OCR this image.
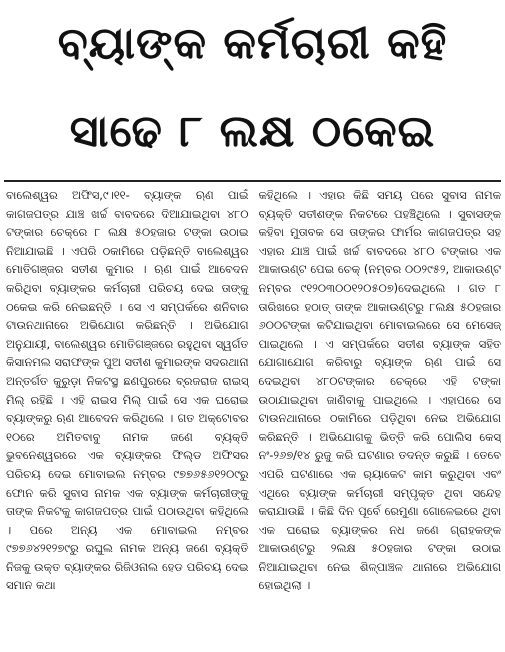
ବ୍ୟାଙ୍କ କର୍ମଚାରୀ କହି
ସାଢେ ୮ ଲକ୍ଷ ଠକେଇ

ବାଲେଶ୍ୱର ଅଫିସ,୯।୧୧- ବ୍ୟାଙ୍କ ଋଣ ପାଇଁ କାଗଜପତ୍ର ଯାଞ୍ଚ ଖର୍ଚ୍ଚ ବାବଦରେ ଦିଆଯାଇଥିବା ୪୮୦ ଟଙ୍କାର ଚେକ୍‌ରେ ୮ ଲକ୍ଷ ୫୦ହଜାର ଟଙ୍କା ଉଠାଇ ନିଆଯାଇଛି । ଏପରି ଠକାମିରେ ପଡ଼ିଛନ୍ତି ବାଲେଶ୍ୱର ମୋତିଗଞ୍ଜର ସତୀଶ କୁମାର । ଋଣ ପାଇଁ ଆବେଦନ କରିଥିବା ବ୍ୟାଙ୍କର କର୍ମଚାରୀ ପରିଚୟ ଦେଇ ତାଙ୍କୁ ଠକେଇ କରି ନେଇଛନ୍ତି । ସେ ଏ ସମ୍ପର୍କରେ ଶନିବାର ଟାଉନଥାନାରେ ଅଭିଯୋଗ କରିଛନ୍ତି । ଅଭିଯୋଗ ଅନୁଯାୟୀ, ବାଲେଶ୍ୱର ମୋତିଗଞ୍ଜରେ ରହୁଥିବା ସ୍ୱର୍ଗତ କିସାନମଲ ସରାଫଙ୍କ ପୁଅ ସତୀଶ କୁମାରଙ୍କ ସଦରଥାନା ଅନ୍ତର୍ଗତ କୁରୁଡ଼ା ନିକଟସ୍ଥ ଛଣପୁରରେ ବ୍ରଜରାଜ ରାଇସ୍ ମିଲ୍ ରହିଛି । ଏହି ରାଇସ ମିଲ୍ ପାଇଁ ସେ ଏକ ଘରୋଇ ବ୍ୟାଙ୍କରୁ ଋଣ ଆବେଦନ କରିଥିଲେ । ଗତ ଅକ୍ଟୋବର ୧୦ରେ ଅମିତବାବୁ ନାମକ ଜଣେ ବ୍ୟକ୍ତି ଭୁବନେଶ୍ୱରରେ ଏକ ବ୍ୟାଙ୍କର ଫିଲ୍ଡ ଅଫିସର ପରିଚୟ ଦେଇ ମୋବାଇଲ ନମ୍ବର ୯୭୭୬୫୬୧୨୦୯ରୁ ଫୋନ କରି ସୁବାସ ନାମକ ଏକ ବ୍ୟାଙ୍କ କର୍ମଚାରୀଙ୍କୁ ତାଙ୍କ ନିକଟକୁ କାଗଜପତ୍ର ପାଇଁ ପଠାଉଥିବା କହିଥିଲେ । ପରେ ଅନ୍ୟ ଏକ ମୋବାଇଲ ନମ୍ବର ୯୭୭୬୪୨୧୨୭୯ରୁ ରଘୁଲ ନାମକ ଅନ୍ୟ ଜଣେ ବ୍ୟକ୍ତି ନିଜକୁ ଉକ୍ତ ବ୍ୟାଙ୍କର ରିଜିଓନାଲ ହେଡ ପରିଚୟ ଦେଇ ସମାନ କଥା

କହିଥିଲେ । ଏହାର କିଛି ସମୟ ପରେ ସୁବାସ ନାମକ ବ୍ୟକ୍ତି ସତୀଶଙ୍କ ନିକଟରେ ପହଞ୍ଚିଥିଲେ । ସୁବାସଙ୍କ କହିବା ମୁତାବକ ସେ ତାଙ୍କର ଫାର୍ମର କାଗଜପତ୍ର ସହ ଏହାର ଯାଞ୍ଚ ପାଇଁ ଖର୍ଚ୍ଚ ବାବଦରେ ୪୮୦ ଟଙ୍କାର ଏକ ଆକାଉଣ୍ଟ ପେଇ ଚେକ୍ (ନମ୍ବର ୦୦୨୯୫୨, ଆକାଉଣ୍ଟ ନମ୍ବର ୯୧୨୦୩୦୦୧୨୦୫୦୭)ଦେଇଥିଲେ । ଗତ ୮ ତାରିଖରେ ହଠାତ୍ ତାଙ୍କ ଆକାଉଣ୍ଟରୁ ୮ଲକ୍ଷ ୫୦ହଜାର ୬୦୦ଟଙ୍କା କଟିଯାଇଥିବା ମୋବାଇଲରେ ସେ ମେସେଜ୍ ପାଇଥିଲେ । ଏ ସମ୍ପର୍କରେ ସତୀଶ ବ୍ୟାଙ୍କ ସହିତ ଯୋଗାଯୋଗ କରିବାରୁ ବ୍ୟାଙ୍କ ଋଣ ପାଇଁ ସେ ଦେଇଥିବା ୪୮୦ଟଙ୍କାର ଚେକ୍‌ରେ ଏହି ଟଙ୍କା ଉଠାଯାଇଥିବା ଜାଣିବାକୁ ପାଇଥିଲେ । ଏହାପରେ ସେ ଟାଉନଥାନାରେ ଠକାମିରେ ପଡ଼ିଥିବା ନେଇ ଅଭିଯୋଗ କରିଛନ୍ତି । ଅଭିଯୋଗକୁ ଭିତ୍ତି କରି ପୋଲିସ କେସ୍ ନଂ-୨୬୭/୧୪ ରୁଜୁ କରି ଘଟଣାର ତଦନ୍ତ କରୁଛି । ତେବେ ଏପରି ଘଟଣାରେ ଏକ ର୍‌ୟାକେଟ କାମ କରୁଥିବା ଏବଂ ଏଥିରେ ବ୍ୟାଙ୍କ କର୍ମଚାରୀ ସମ୍ପୃକ୍ତ ଥିବା ସନ୍ଦେହ କରାଯାଉଛି । କିଛି ଦିନ ପୂର୍ବେ ରେମୁଣା ଗୋଳେଇରେ ଥିବା ଏକ ଘରୋଇ ବ୍ୟାଙ୍କର ନଧ ଜଣେ ଗ୍ରାହକଙ୍କ ଆକାଉଣ୍ଟରୁ ୨ଲକ୍ଷ ୫୦ହଜାର ଟଙ୍କା ଉଠାଇ ନିଆଯାଇଥିବା ନେଇ ଶିଳ୍ପାଞ୍ଚଳ ଥାନାରେ ଅଭିଯୋଗ ହୋଇଥିଲା ।
